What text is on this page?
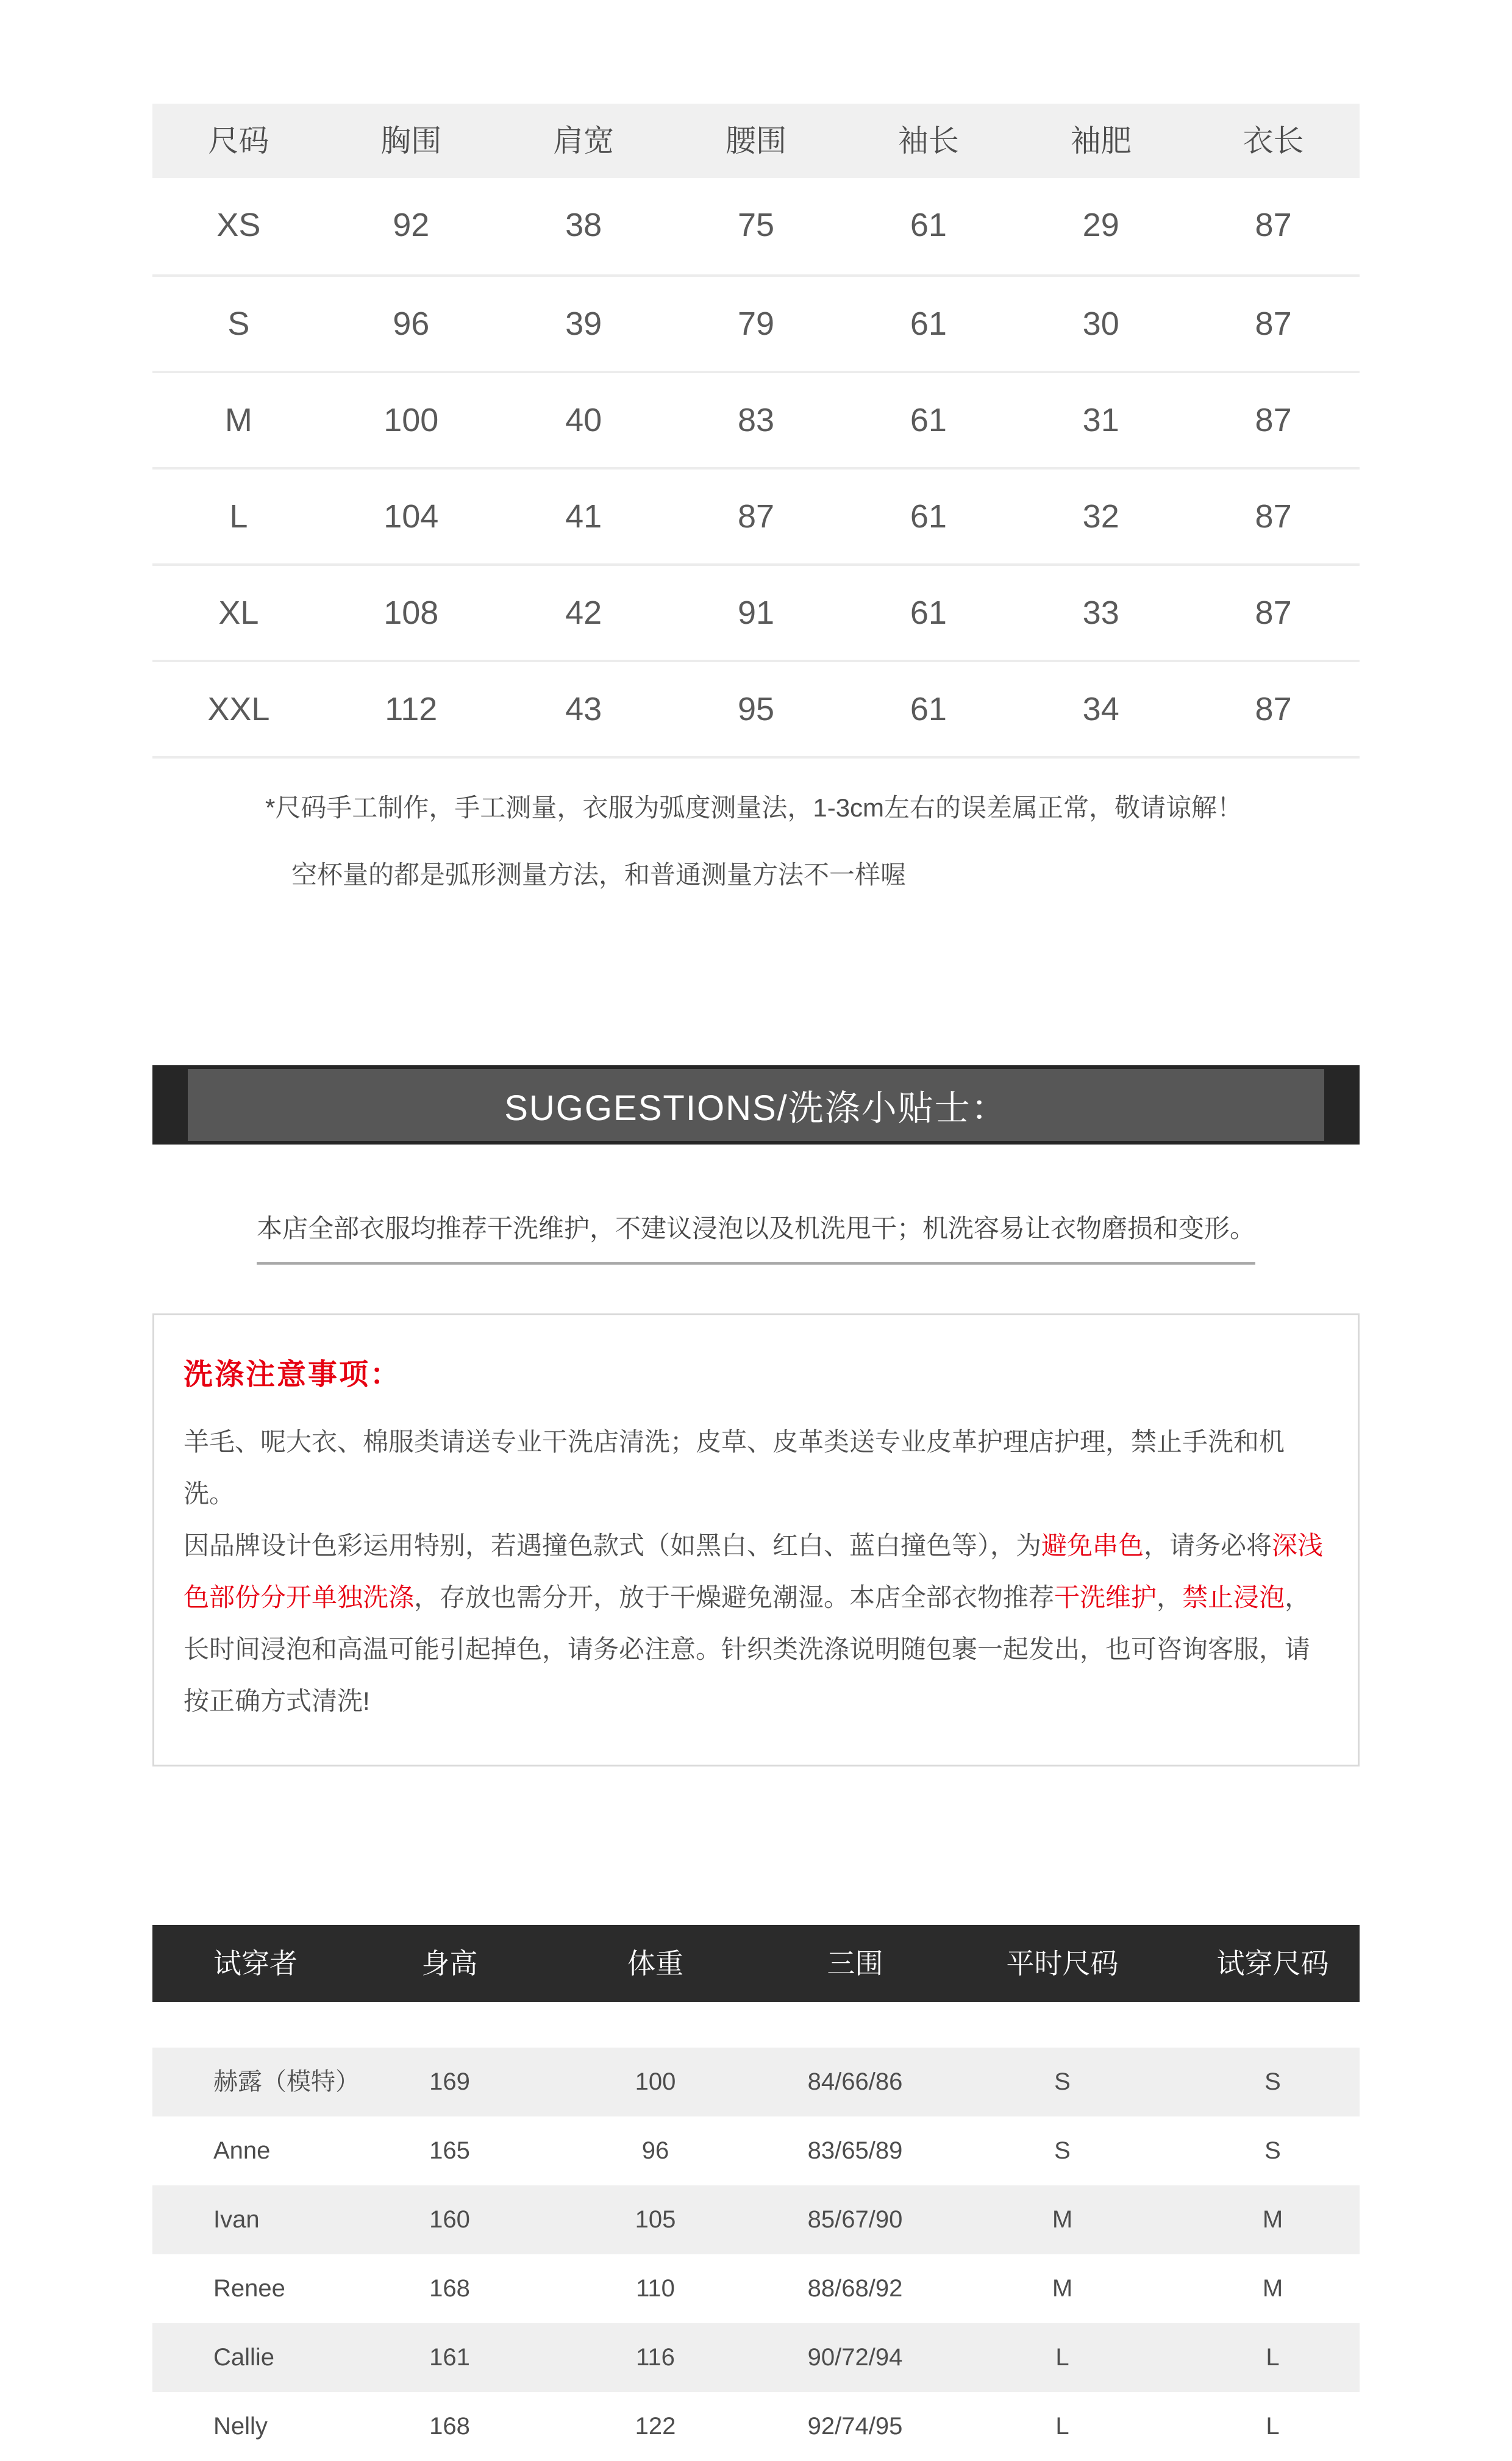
尺码	胸围	肩宽	腰围	袖长	袖肥	衣长
XS	92	38	75	61	29	87
S	96	39	79	61	30	87
M	100	40	83	61	31	87
L	104	41	87	61	32	87
XL	108	42	91	61	33	87
XXL	112	43	95	61	34	87
*尺码手工制作，手工测量，衣服为弧度测量法，1-3cm左右的误差属正常，敬请谅解！
空杯量的都是弧形测量方法，和普通测量方法不一样喔
SUGGESTIONS/洗涤小贴士：
本店全部衣服均推荐干洗维护，不建议浸泡以及机洗甩干；机洗容易让衣物磨损和变形。
洗涤注意事项：
羊毛、呢大衣、棉服类请送专业干洗店清洗；皮草、皮革类送专业皮革护理店护理，禁止手洗和机洗。
因品牌设计色彩运用特别，若遇撞色款式（如黑白、红白、蓝白撞色等），为避免串色，请务必将深浅色部份分开单独洗涤，存放也需分开，放于干燥避免潮湿。本店全部衣物推荐干洗维护，禁止浸泡，长时间浸泡和高温可能引起掉色，请务必注意。针织类洗涤说明随包裹一起发出，也可咨询客服，请按正确方式清洗!
试穿者	身高	体重	三围	平时尺码	试穿尺码
赫露（模特）	169	100	84/66/86	S	S
Anne	165	96	83/65/89	S	S
Ivan	160	105	85/67/90	M	M
Renee	168	110	88/68/92	M	M
Callie	161	116	90/72/94	L	L
Nelly	168	122	92/74/95	L	L
